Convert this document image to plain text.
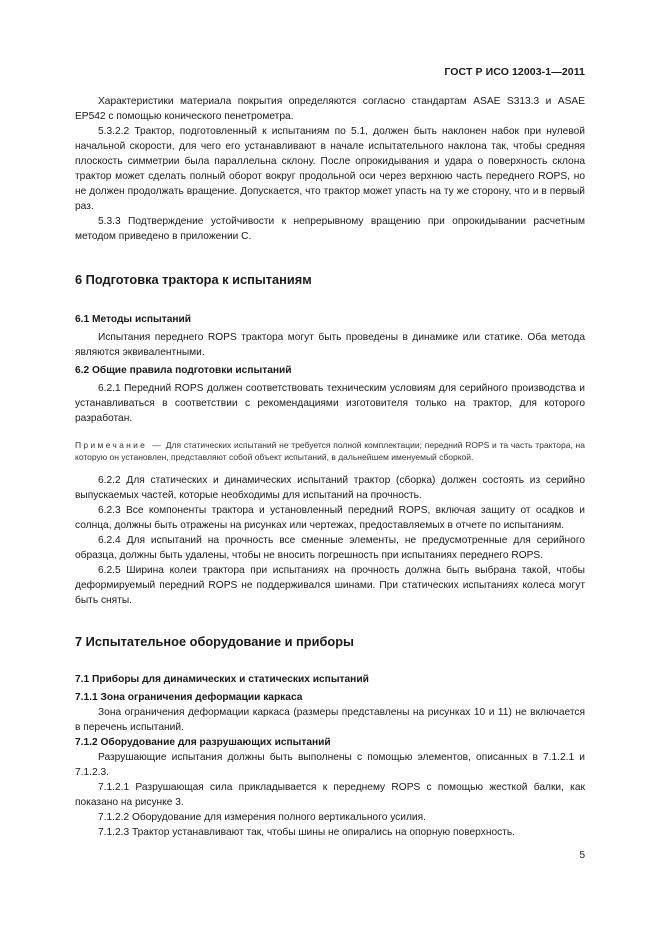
ГОСТ Р ИСО 12003-1—2011

Характеристики материала покрытия определяются согласно стандартам ASAE S313.3 и ASAE EP542 с помощью конического пенетрометра.

5.3.2.2 Трактор, подготовленный к испытаниям по 5.1, должен быть наклонен набок при нулевой начальной скорости, для чего его устанавливают в начале испытательного наклона так, чтобы средняя плоскость симметрии была параллельна склону. После опрокидывания и удара о поверхность склона трактор может сделать полный оборот вокруг продольной оси через верхнюю часть переднего ROPS, но не должен продолжать вращение. Допускается, что трактор может упасть на ту же сторону, что и в первый раз.

5.3.3 Подтверждение устойчивости к непрерывному вращению при опрокидывании расчетным методом приведено в приложении С.

6 Подготовка трактора к испытаниям
6.1 Методы испытаний

Испытания переднего ROPS трактора могут быть проведены в динамике или статике. Оба метода являются эквивалентными.

6.2 Общие правила подготовки испытаний

6.2.1 Передний ROPS должен соответствовать техническим условиям для серийного производства и устанавливаться в соответствии с рекомендациями изготовителя только на трактор, для которого разработан.

Примечание — Для статических испытаний не требуется полной комплектации; передний ROPS и та часть трактора, на которую он установлен, представляют собой объект испытаний, в дальнейшем именуемый сборкой.

6.2.2 Для статических и динамических испытаний трактор (сборка) должен состоять из серийно выпускаемых частей, которые необходимы для испытаний на прочность.

6.2.3 Все компоненты трактора и установленный передний ROPS, включая защиту от осадков и солнца, должны быть отражены на рисунках или чертежах, предоставляемых в отчете по испытаниям.

6.2.4 Для испытаний на прочность все сменные элементы, не предусмотренные для серийного образца, должны быть удалены, чтобы не вносить погрешность при испытаниях переднего ROPS.

6.2.5 Ширина колеи трактора при испытаниях на прочность должна быть выбрана такой, чтобы деформируемый передний ROPS не поддерживался шинами. При статических испытаниях колеса могут быть сняты.

7 Испытательное оборудование и приборы
7.1 Приборы для динамических и статических испытаний
7.1.1 Зона ограничения деформации каркаса

Зона ограничения деформации каркаса (размеры представлены на рисунках 10 и 11) не включается в перечень испытаний.

7.1.2 Оборудование для разрушающих испытаний

Разрушающие испытания должны быть выполнены с помощью элементов, описанных в 7.1.2.1 и 7.1.2.3.

7.1.2.1 Разрушающая сила прикладывается к переднему ROPS с помощью жесткой балки, как показано на рисунке 3.

7.1.2.2 Оборудование для измерения полного вертикального усилия.

7.1.2.3 Трактор устанавливают так, чтобы шины не опирались на опорную поверхность.

5
